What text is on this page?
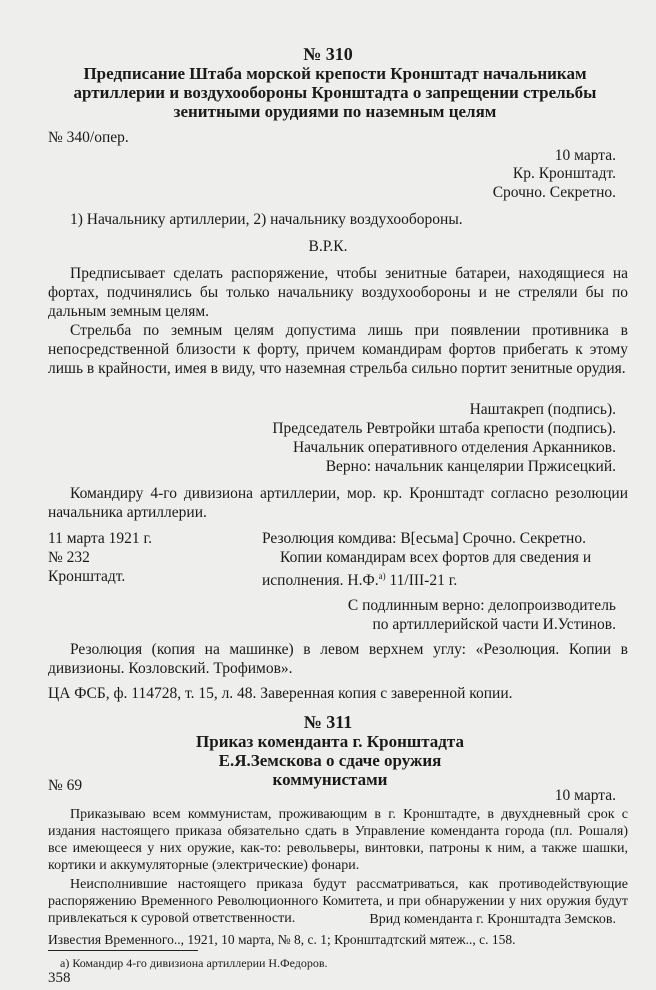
№ 310
Предписание Штаба морской крепости Кронштадт начальникам артиллерии и воздухообороны Кронштадта о запрещении стрельбы зенитными орудиями по наземным целям
№ 340/опер.
10 марта.
Кр. Кронштадт.
Срочно. Секретно.
1) Начальнику артиллерии, 2) начальнику воздухообороны.
В.Р.К.
Предписывает сделать распоряжение, чтобы зенитные батареи, находящиеся на фортах, подчинялись бы только начальнику воздухообороны и не стреляли бы по дальным земным целям.
Стрельба по земным целям допустима лишь при появлении противника в непосредственной близости к форту, причем командирам фортов прибегать к этому лишь в крайности, имея в виду, что наземная стрельба сильно портит зенитные орудия.
Наштакреп (подпись).
Председатель Ревтройки штаба крепости (подпись).
Начальник оперативного отделения Арканников.
Верно: начальник канцелярии Пржисецкий.
Командиру 4-го дивизиона артиллерии, мор. кр. Кронштадт согласно резолюции начальника артиллерии.
11 марта 1921 г.
№ 232
Кронштадт.
Резолюция комдива: В[есьма] Срочно. Секретно.
Копии командирам всех фортов для сведения и
исполнения. Н.Ф.$^{а)}$ 11/III-21 г.
С подлинным верно: делопроизводитель
по артиллерийской части И.Устинов.
Резолюция (копия на машинке) в левом верхнем углу: «Резолюция. Копии в дивизионы. Козловский. Трофимов».
ЦА ФСБ, ф. 114728, т. 15, л. 48. Заверенная копия с заверенной копии.
№ 311
Приказ коменданта г. Кронштадта Е.Я.Земскова о сдаче оружия коммунистами
№ 69
10 марта.
Приказываю всем коммунистам, проживающим в г. Кронштадте, в двухдневный срок с издания настоящего приказа обязательно сдать в Управление коменданта города (пл. Рошаля) все имеющееся у них оружие, как-то: револьверы, винтовки, патроны к ним, а также шашки, кортики и аккумуляторные (электрические) фонари.
Неисполнившие настоящего приказа будут рассматриваться, как противодействующие распоряжению Временного Революционного Комитета, и при обнаружении у них оружия будут привлекаться к суровой ответственности.	Врид коменданта г. Кронштадта Земсков.
Известия Временного.., 1921, 10 марта, № 8, с. 1; Кронштадтский мятеж.., с. 158.
а) Командир 4-го дивизиона артиллерии Н.Федоров.
358
